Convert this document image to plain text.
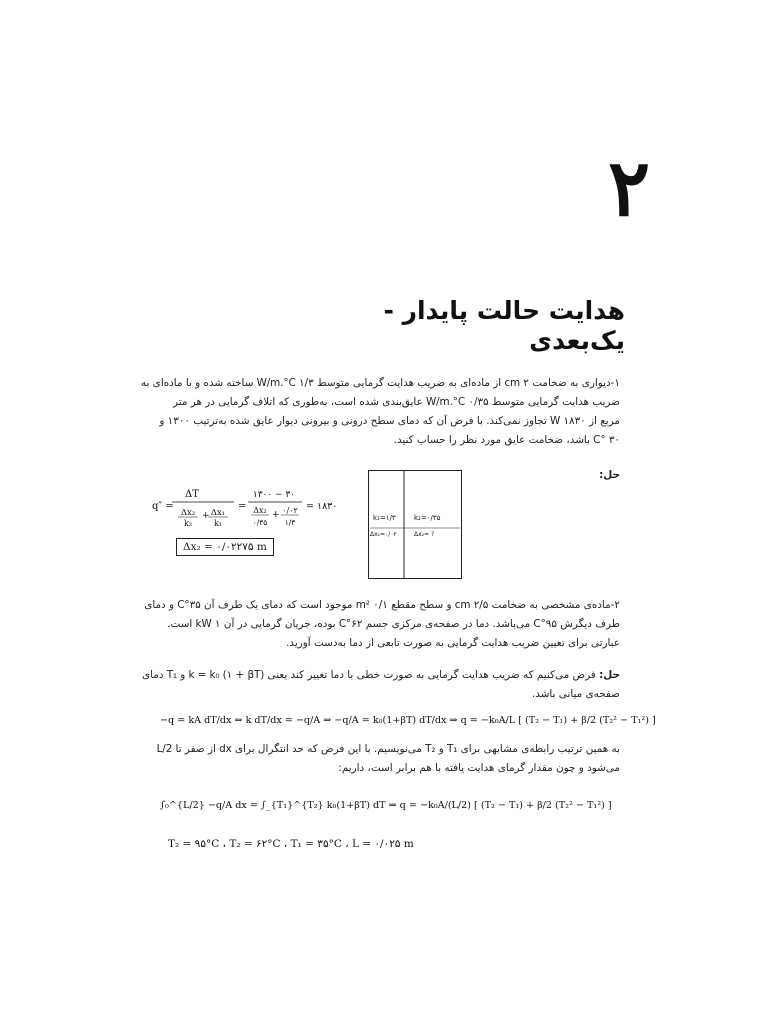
۲
هدایت حالت پایدار - یک‌بعدی
۱-دیواری به ضخامت ۲ cm از ماده‌ای به ضریب هدایت گرمایی متوسط ۱/۳ W/m.°C ساخته شده و با ماده‌ای به
ضریب هدایت گرمایی متوسط ۰/۳۵ W/m.°C عایق‌بندی شده است، به‌طوری که اتلاف گرمایی در هر متر
مربع از ۱۸۳۰ W تجاوز نمی‌کند. با فرض آن که دمای سطح درونی و بیرونی دیوار عایق شده به‌ترتیب ۱۳۰۰ و
۳۰ °C باشد، ضخامت عایق مورد نظر را حساب کنید.
حل:
q″ =
ΔT
Δx₂
k₂
+ Δx₁
k₁
=
۱۳۰۰ − ۳۰
Δx₂
۰/۳۵
+ ۰/۰۲
۱/۳
= ۱۸۳۰
Δx₂ = ۰/۰۲۲۷۵ m
k₁=۱/۳	k₂=۰/۳۵
Δx₁=۰/۰۲	Δx₂= ?
۲-ماده‌ی مشخصی به ضخامت ۲/۵ cm و سطح مقطع ۰/۱ m² موجود است که دمای یک طرف آن ۳۵°C و دمای
طرف دیگرش ۹۵°C می‌باشد. دما در صفحه‌ی مرکزی جسم ۶۲°C بوده، جریان گرمایی در آن ۱ kW است.
عبارتی برای تعیین ضریب هدایت گرمایی به صورت تابعی از دما به‌دست آورید.
حل: فرض می‌کنیم که ضریب هدایت گرمایی به صورت خطی با دما تغییر کند یعنی k = k₀ (۱ + βT) و T₁ دمای
صفحه‌ی میانی باشد.
−q = kA dT/dx ⇒ k dT/dx = −q/A ⇒ −q/A = k₀(1+βT) dT/dx ⇒ q = −k₀A/L [ (T₂ − T₁) + β/2 (T₂² − T₁²) ]
به همین ترتیب رابطه‌ی مشابهی برای T₁ و T₂ می‌نویسیم. با این فرض که حد انتگرال برای dx از صفر تا L/2
می‌شود و چون مقدار گرمای هدایت یافته با هم برابر است، داریم:
∫₀^{L/2} −q/A dx = ∫_{T₁}^{T₂} k₀(1+βT) dT ⇒ q = −k₀A/(L/2) [ (T₂ − T₁) + β/2 (T₂² − T₁²) ]
T₂ = ۹۵°C ، T₂ = ۶۲°C ، T₁ = ۳۵°C ، L = ۰/۰۲۵ m
